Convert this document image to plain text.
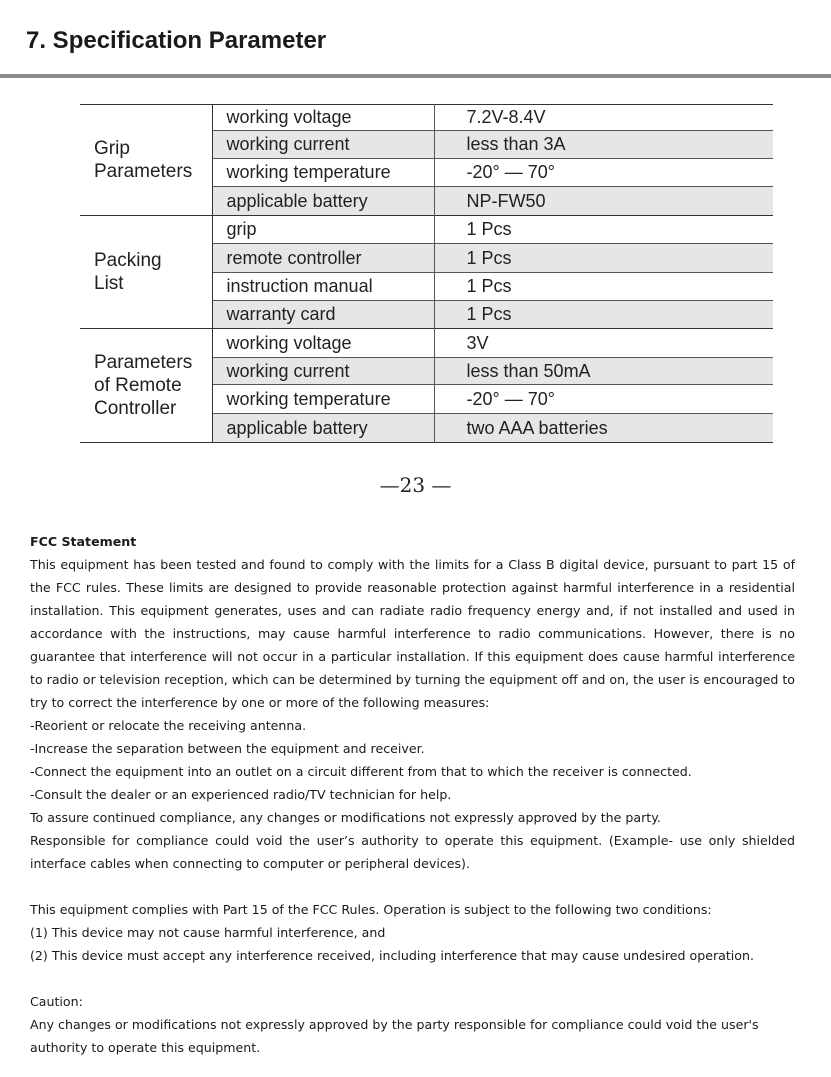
7. Specification Parameter
Grip
Parameters	working voltage	7.2V-8.4V
	working current	less than 3A
	working temperature	-20° — 70°
	applicable battery	NP-FW50
Packing
List	grip	1 Pcs
	remote controller	1 Pcs
	instruction manual	1 Pcs
	warranty card	1 Pcs
Parameters
of Remote
Controller	working voltage	3V
	working current	less than 50mA
	working temperature	-20° — 70°
	applicable battery	two AAA batteries
—23 —

FCC Statement

This equipment has been tested and found to comply with the limits for a Class B digital device, pursuant to part 15 of the FCC rules. These limits are designed to provide reasonable protection against harmful interference in a residential installation. This equipment generates, uses and can radiate radio frequency energy and, if not installed and used in accordance with the instructions, may cause harmful interference to radio communications. However, there is no guarantee that interference will not occur in a particular installation. If this equipment does cause harmful interference to radio or television reception, which can be determined by turning the equipment off and on, the user is encouraged to try to correct the interference by one or more of the following measures:

-Reorient or relocate the receiving antenna.

-Increase the separation between the equipment and receiver.

-Connect the equipment into an outlet on a circuit different from that to which the receiver is connected.

-Consult the dealer or an experienced radio/TV technician for help.

To assure continued compliance, any changes or modifications not expressly approved by the party.

Responsible for compliance could void the user’s authority to operate this equipment. (Example- use only shielded interface cables when connecting to computer or peripheral devices).

This equipment complies with Part 15 of the FCC Rules. Operation is subject to the following two conditions:

(1) This device may not cause harmful interference, and

(2) This device must accept any interference received, including interference that may cause undesired operation.

Caution:

Any changes or modifications not expressly approved by the party responsible for compliance could void the user's authority to operate this equipment.
